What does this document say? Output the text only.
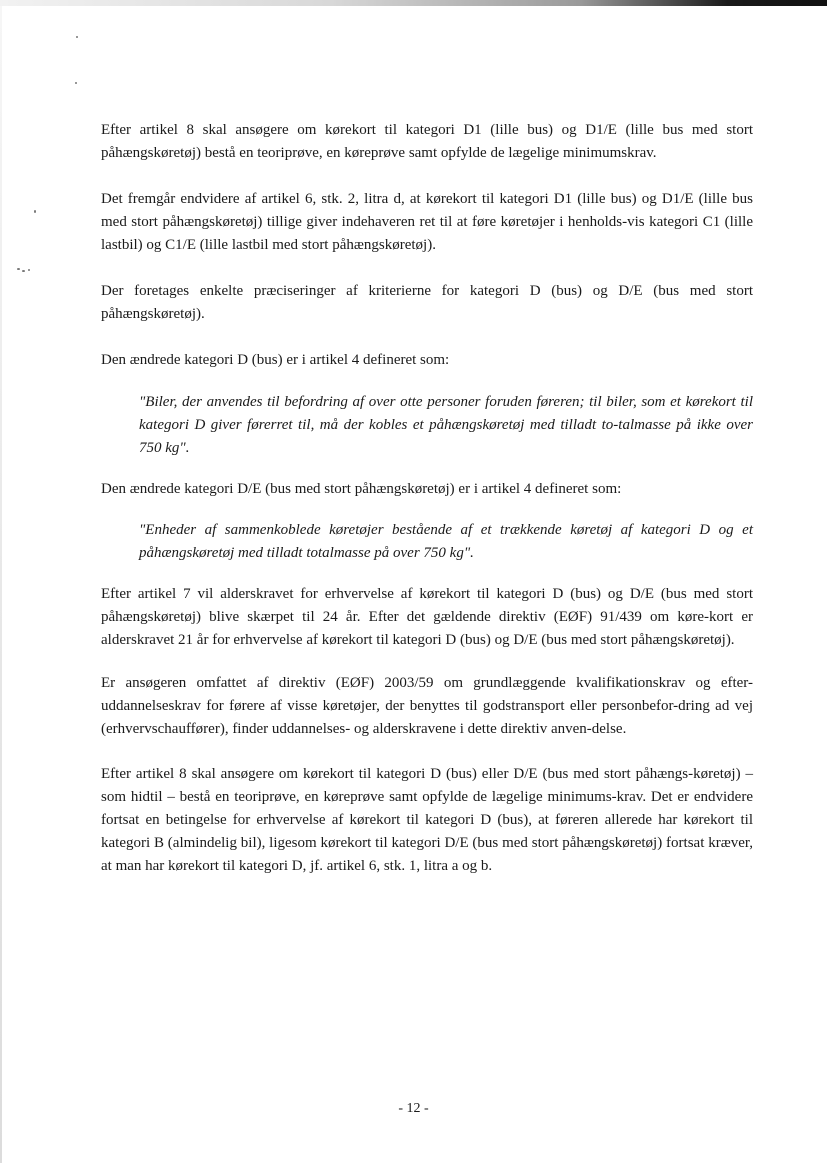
Efter artikel 8 skal ansøgere om kørekort til kategori D1 (lille bus) og D1/E (lille bus med stort påhængskøretøj) bestå en teoriprøve, en køreprøve samt opfylde de lægelige minimumskrav.

Det fremgår endvidere af artikel 6, stk. 2, litra d, at kørekort til kategori D1 (lille bus) og D1/E (lille bus med stort påhængskøretøj) tillige giver indehaveren ret til at føre køretøjer i henholds-vis kategori C1 (lille lastbil) og C1/E (lille lastbil med stort påhængskøretøj).

Der foretages enkelte præciseringer af kriterierne for kategori D (bus) og D/E (bus med stort påhængskøretøj).

Den ændrede kategori D (bus) er i artikel 4 defineret som:

"Biler, der anvendes til befordring af over otte personer foruden føreren; til biler, som et kørekort til kategori D giver førerret til, må der kobles et påhængskøretøj med tilladt to-talmasse på ikke over 750 kg".

Den ændrede kategori D/E (bus med stort påhængskøretøj) er i artikel 4 defineret som:

"Enheder af sammenkoblede køretøjer bestående af et trækkende køretøj af kategori D og et påhængskøretøj med tilladt totalmasse på over 750 kg".

Efter artikel 7 vil alderskravet for erhvervelse af kørekort til kategori D (bus) og D/E (bus med stort påhængskøretøj) blive skærpet til 24 år. Efter det gældende direktiv (EØF) 91/439 om køre-kort er alderskravet 21 år for erhvervelse af kørekort til kategori D (bus) og D/E (bus med stort påhængskøretøj).

Er ansøgeren omfattet af direktiv (EØF) 2003/59 om grundlæggende kvalifikationskrav og efter-uddannelseskrav for førere af visse køretøjer, der benyttes til godstransport eller personbefor-dring ad vej (erhvervschauffører), finder uddannelses- og alderskravene i dette direktiv anven-delse.

Efter artikel 8 skal ansøgere om kørekort til kategori D (bus) eller D/E (bus med stort påhængs-køretøj) – som hidtil – bestå en teoriprøve, en køreprøve samt opfylde de lægelige minimums-krav. Det er endvidere fortsat en betingelse for erhvervelse af kørekort til kategori D (bus), at føreren allerede har kørekort til kategori B (almindelig bil), ligesom kørekort til kategori D/E (bus med stort påhængskøretøj) fortsat kræver, at man har kørekort til kategori D, jf. artikel 6, stk. 1, litra a og b.

- 12 -
